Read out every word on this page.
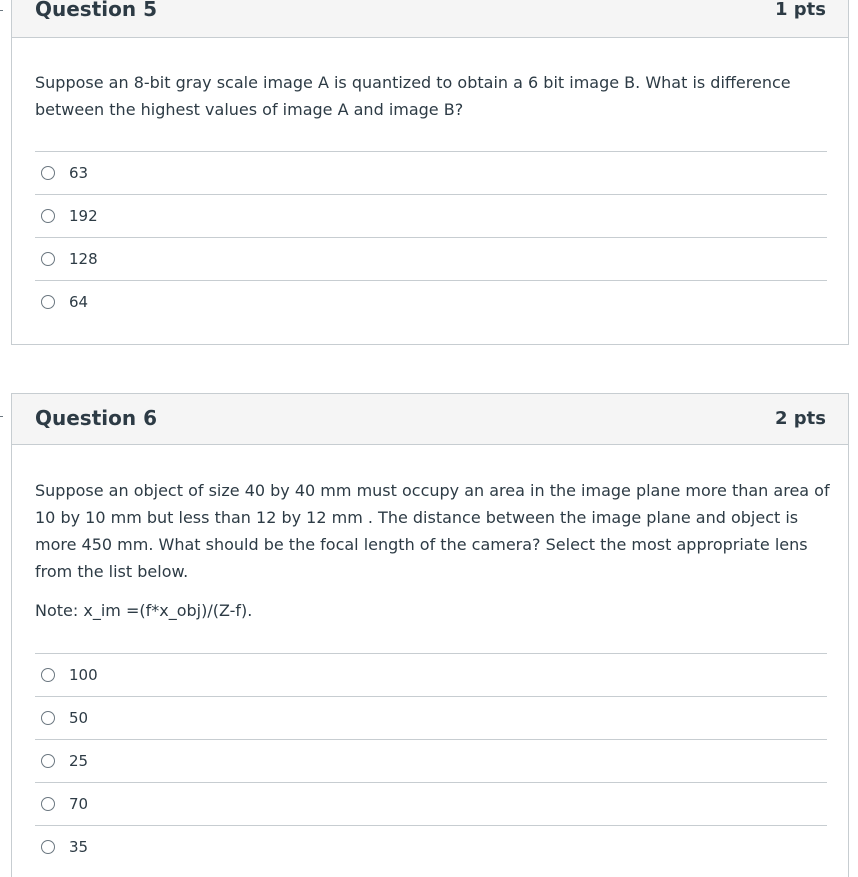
Question 5	1 pts

Suppose an 8-bit gray scale image A is quantized to obtain a 6 bit image B. What is difference between the highest values of image A and image B?

63
192
128
64
Question 6	2 pts

Suppose an object of size 40 by 40 mm must occupy an area in the image plane more than area of 10 by 10 mm but less than 12 by 12 mm . The distance between the image plane and object is more 450 mm. What should be the focal length of the camera? Select the most appropriate lens from the list below.

Note: x_im =(f*x_obj)/(Z-f).

100
50
25
70
35
